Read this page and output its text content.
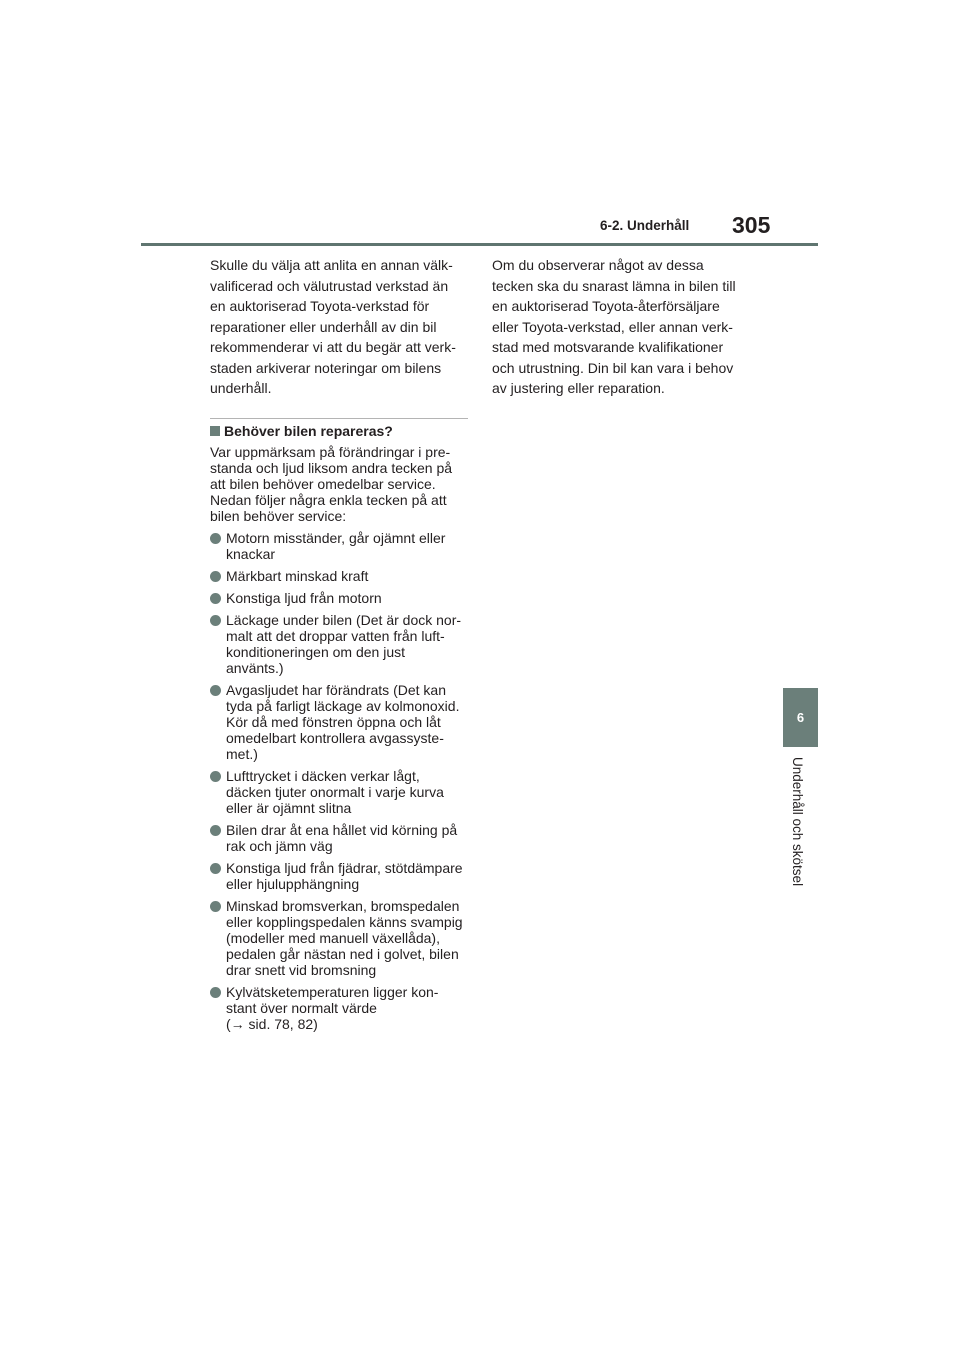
6-2. Underhåll 305
6
Underhåll och skötsel

Skulle du välja att anlita en annan välk-

valificerad och välutrustad verkstad än

en auktoriserad Toyota-verkstad för

reparationer eller underhåll av din bil

rekommenderar vi att du begär att verk-

staden arkiverar noteringar om bilens

underhåll.

Behöver bilen repareras?

Var uppmärksam på förändringar i pre-

standa och ljud liksom andra tecken på

att bilen behöver omedelbar service.

Nedan följer några enkla tecken på att

bilen behöver service:

Motorn misständer, går ojämnt eller
knackar
Märkbart minskad kraft
Konstiga ljud från motorn
Läckage under bilen (Det är dock nor-
malt att det droppar vatten från luft-
konditioneringen om den just
använts.)
Avgasljudet har förändrats (Det kan
tyda på farligt läckage av kolmonoxid.
Kör då med fönstren öppna och låt
omedelbart kontrollera avgassyste-
met.)
Lufttrycket i däcken verkar lågt,
däcken tjuter onormalt i varje kurva
eller är ojämnt slitna
Bilen drar åt ena hållet vid körning på
rak och jämn väg
Konstiga ljud från fjädrar, stötdämpare
eller hjulupphängning
Minskad bromsverkan, bromspedalen
eller kopplingspedalen känns svampig
(modeller med manuell växellåda),
pedalen går nästan ned i golvet, bilen
drar snett vid bromsning
Kylvätsketemperaturen ligger kon-
stant över normalt värde
(→ sid. 78, 82)

Om du observerar något av dessa

tecken ska du snarast lämna in bilen till

en auktoriserad Toyota-återförsäljare

eller Toyota-verkstad, eller annan verk-

stad med motsvarande kvalifikationer

och utrustning. Din bil kan vara i behov

av justering eller reparation.
